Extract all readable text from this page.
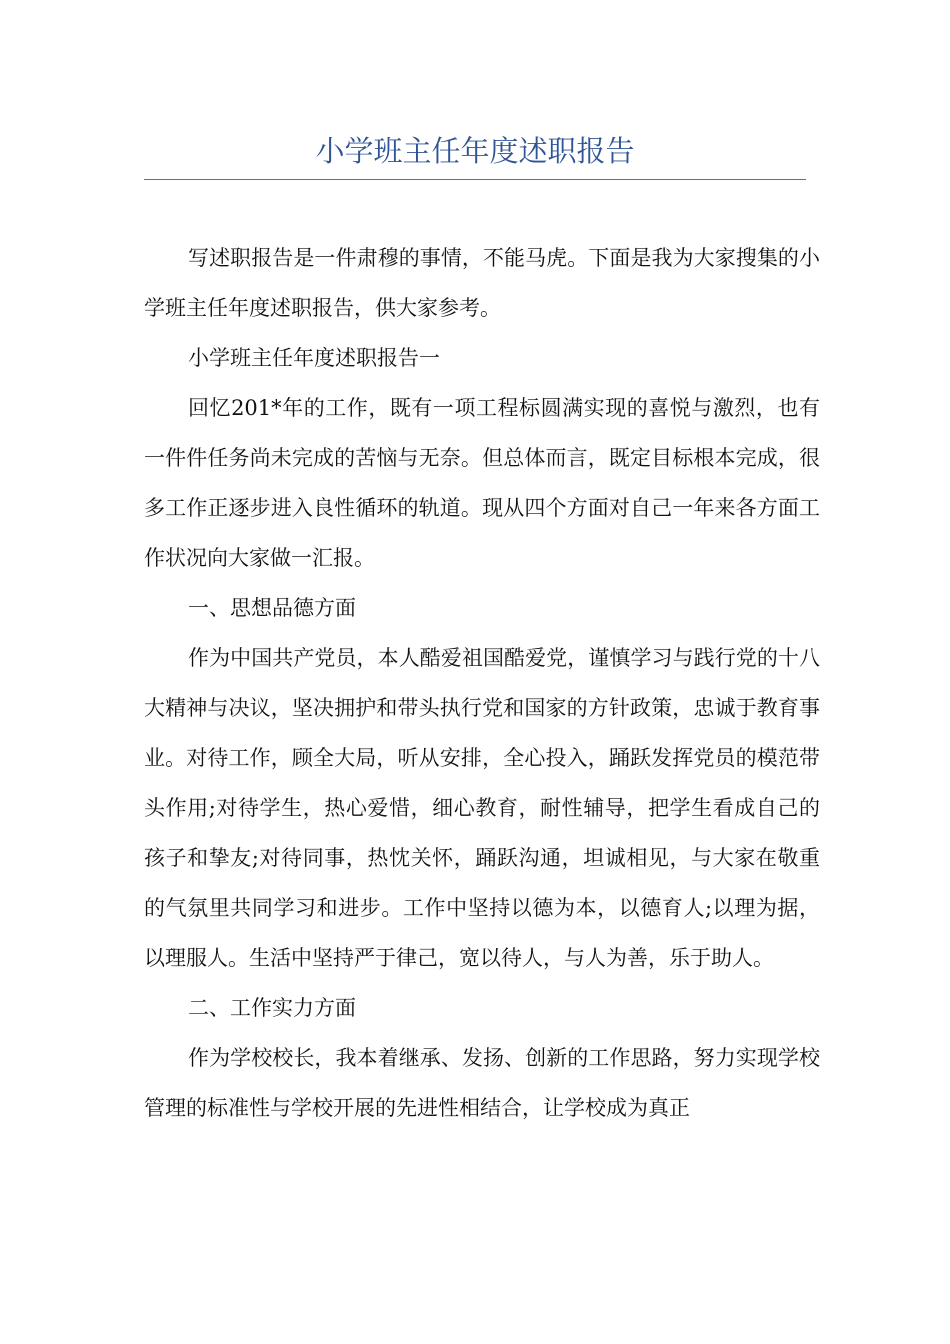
小学班主任年度述职报告

写述职报告是一件肃穆的事情，不能马虎。下面是我为大家搜集的小学班主任年度述职报告，供大家参考。

小学班主任年度述职报告一

回忆201*年的工作，既有一项工程标圆满实现的喜悦与激烈，也有一件件任务尚未完成的苦恼与无奈。但总体而言，既定目标根本完成，很多工作正逐步进入良性循环的轨道。现从四个方面对自己一年来各方面工作状况向大家做一汇报。

一、思想品德方面

作为中国共产党员，本人酷爱祖国酷爱党，谨慎学习与践行党的十八大精神与决议，坚决拥护和带头执行党和国家的方针政策，忠诚于教育事业。对待工作，顾全大局，听从安排，全心投入，踊跃发挥党员的模范带头作用;对待学生，热心爱惜，细心教育，耐性辅导，把学生看成自己的孩子和挚友;对待同事，热忱关怀，踊跃沟通，坦诚相见，与大家在敬重的气氛里共同学习和进步。工作中坚持以德为本，以德育人;以理为据，以理服人。生活中坚持严于律己，宽以待人，与人为善，乐于助人。

二、工作实力方面

作为学校校长，我本着继承、发扬、创新的工作思路，努力实现学校管理的标准性与学校开展的先进性相结合，让学校成为真正
